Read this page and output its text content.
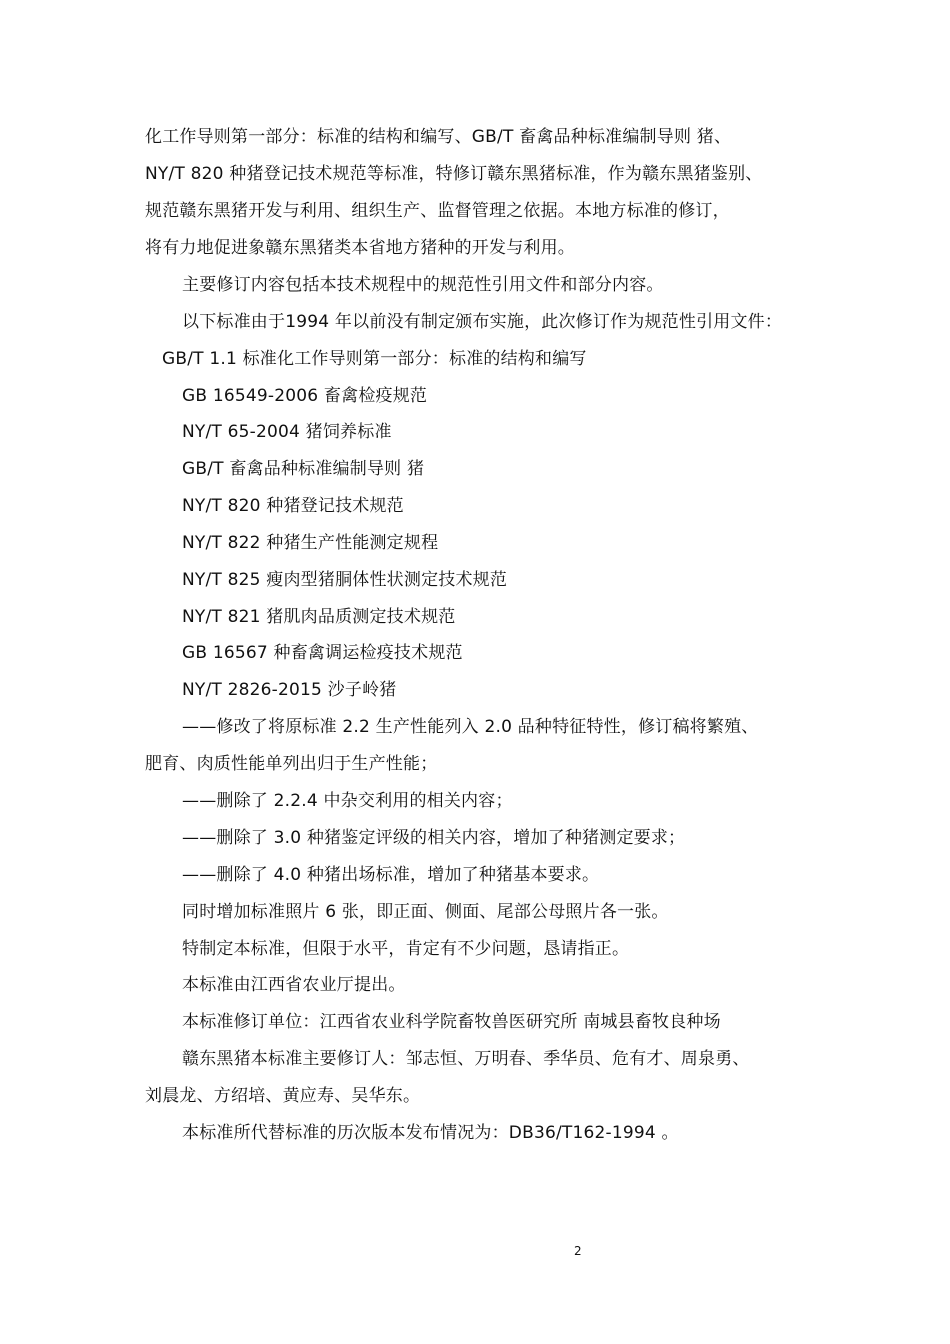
化工作导则第一部分：标准的结构和编写、GB/T 畜禽品种标准编制导则 猪、
NY/T 820 种猪登记技术规范等标准，特修订赣东黑猪标准，作为赣东黑猪鉴别、
规范赣东黑猪开发与利用、组织生产、监督管理之依据。本地方标准的修订，
将有力地促进象赣东黑猪类本省地方猪种的开发与利用。
主要修订内容包括本技术规程中的规范性引用文件和部分内容。
以下标准由于1994 年以前没有制定颁布实施，此次修订作为规范性引用文件：
GB/T 1.1 标准化工作导则第一部分：标准的结构和编写
GB 16549-2006 畜禽检疫规范
NY/T 65-2004 猪饲养标准
GB/T 畜禽品种标准编制导则 猪
NY/T 820 种猪登记技术规范
NY/T 822 种猪生产性能测定规程
NY/T 825 瘦肉型猪胴体性状测定技术规范
NY/T 821 猪肌肉品质测定技术规范
GB 16567 种畜禽调运检疫技术规范
NY/T 2826-2015 沙子岭猪
——修改了将原标准 2.2 生产性能列入 2.0 品种特征特性，修订稿将繁殖、
肥育、肉质性能单列出归于生产性能；
——删除了 2.2.4 中杂交利用的相关内容；
——删除了 3.0 种猪鉴定评级的相关内容，增加了种猪测定要求；
——删除了 4.0 种猪出场标准，增加了种猪基本要求。
同时增加标准照片 6 张，即正面、侧面、尾部公母照片各一张。
特制定本标准，但限于水平，肯定有不少问题，恳请指正。
本标准由江西省农业厅提出。
本标准修订单位：江西省农业科学院畜牧兽医研究所 南城县畜牧良种场
赣东黑猪本标准主要修订人：邹志恒、万明春、季华员、危有才、周泉勇、
刘晨龙、方绍培、黄应寿、吴华东。
本标准所代替标准的历次版本发布情况为：DB36/T162-1994 。
2
